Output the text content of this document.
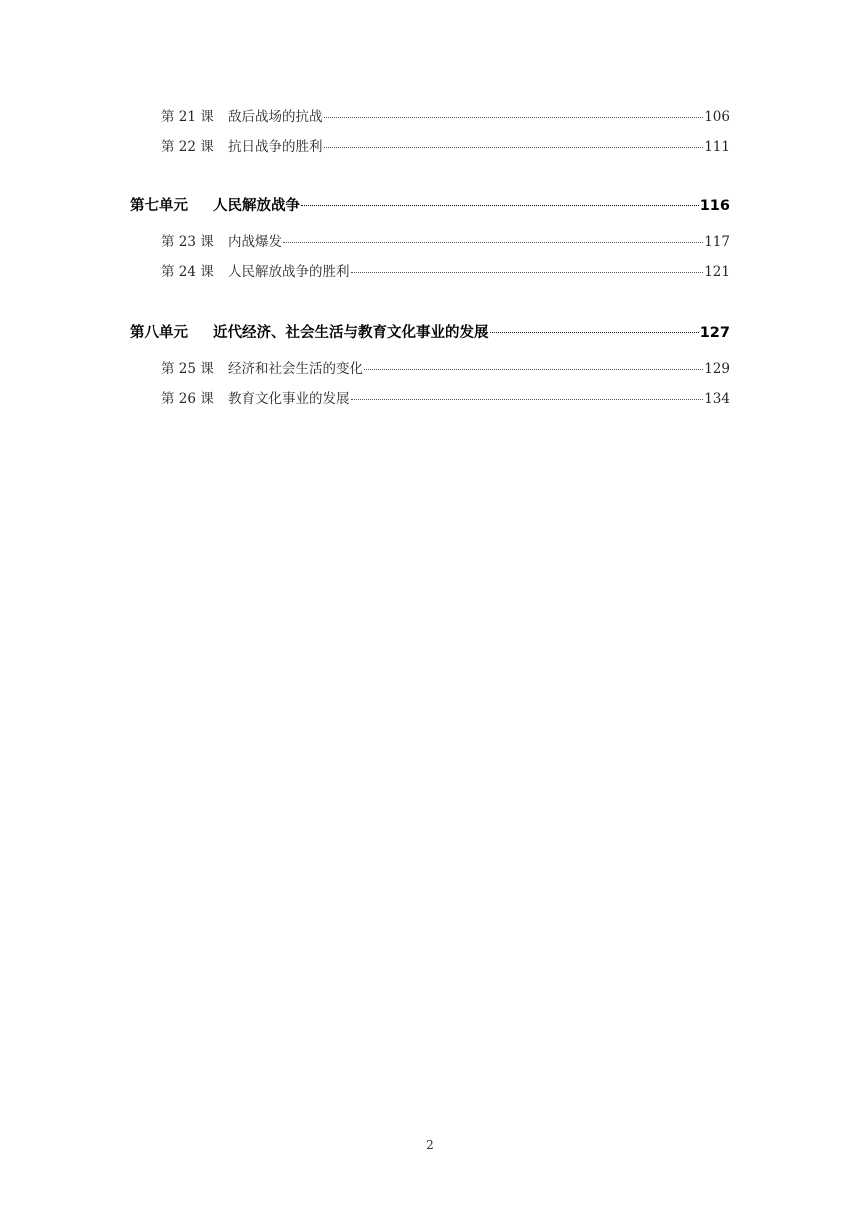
第 21 课	敌后战场的抗战	106
第 22 课	抗日战争的胜利	111
第七单元	人民解放战争	116
第 23 课	内战爆发	117
第 24 课	人民解放战争的胜利	121
第八单元	近代经济、社会生活与教育文化事业的发展	127
第 25 课	经济和社会生活的变化	129
第 26 课	教育文化事业的发展	134
2
